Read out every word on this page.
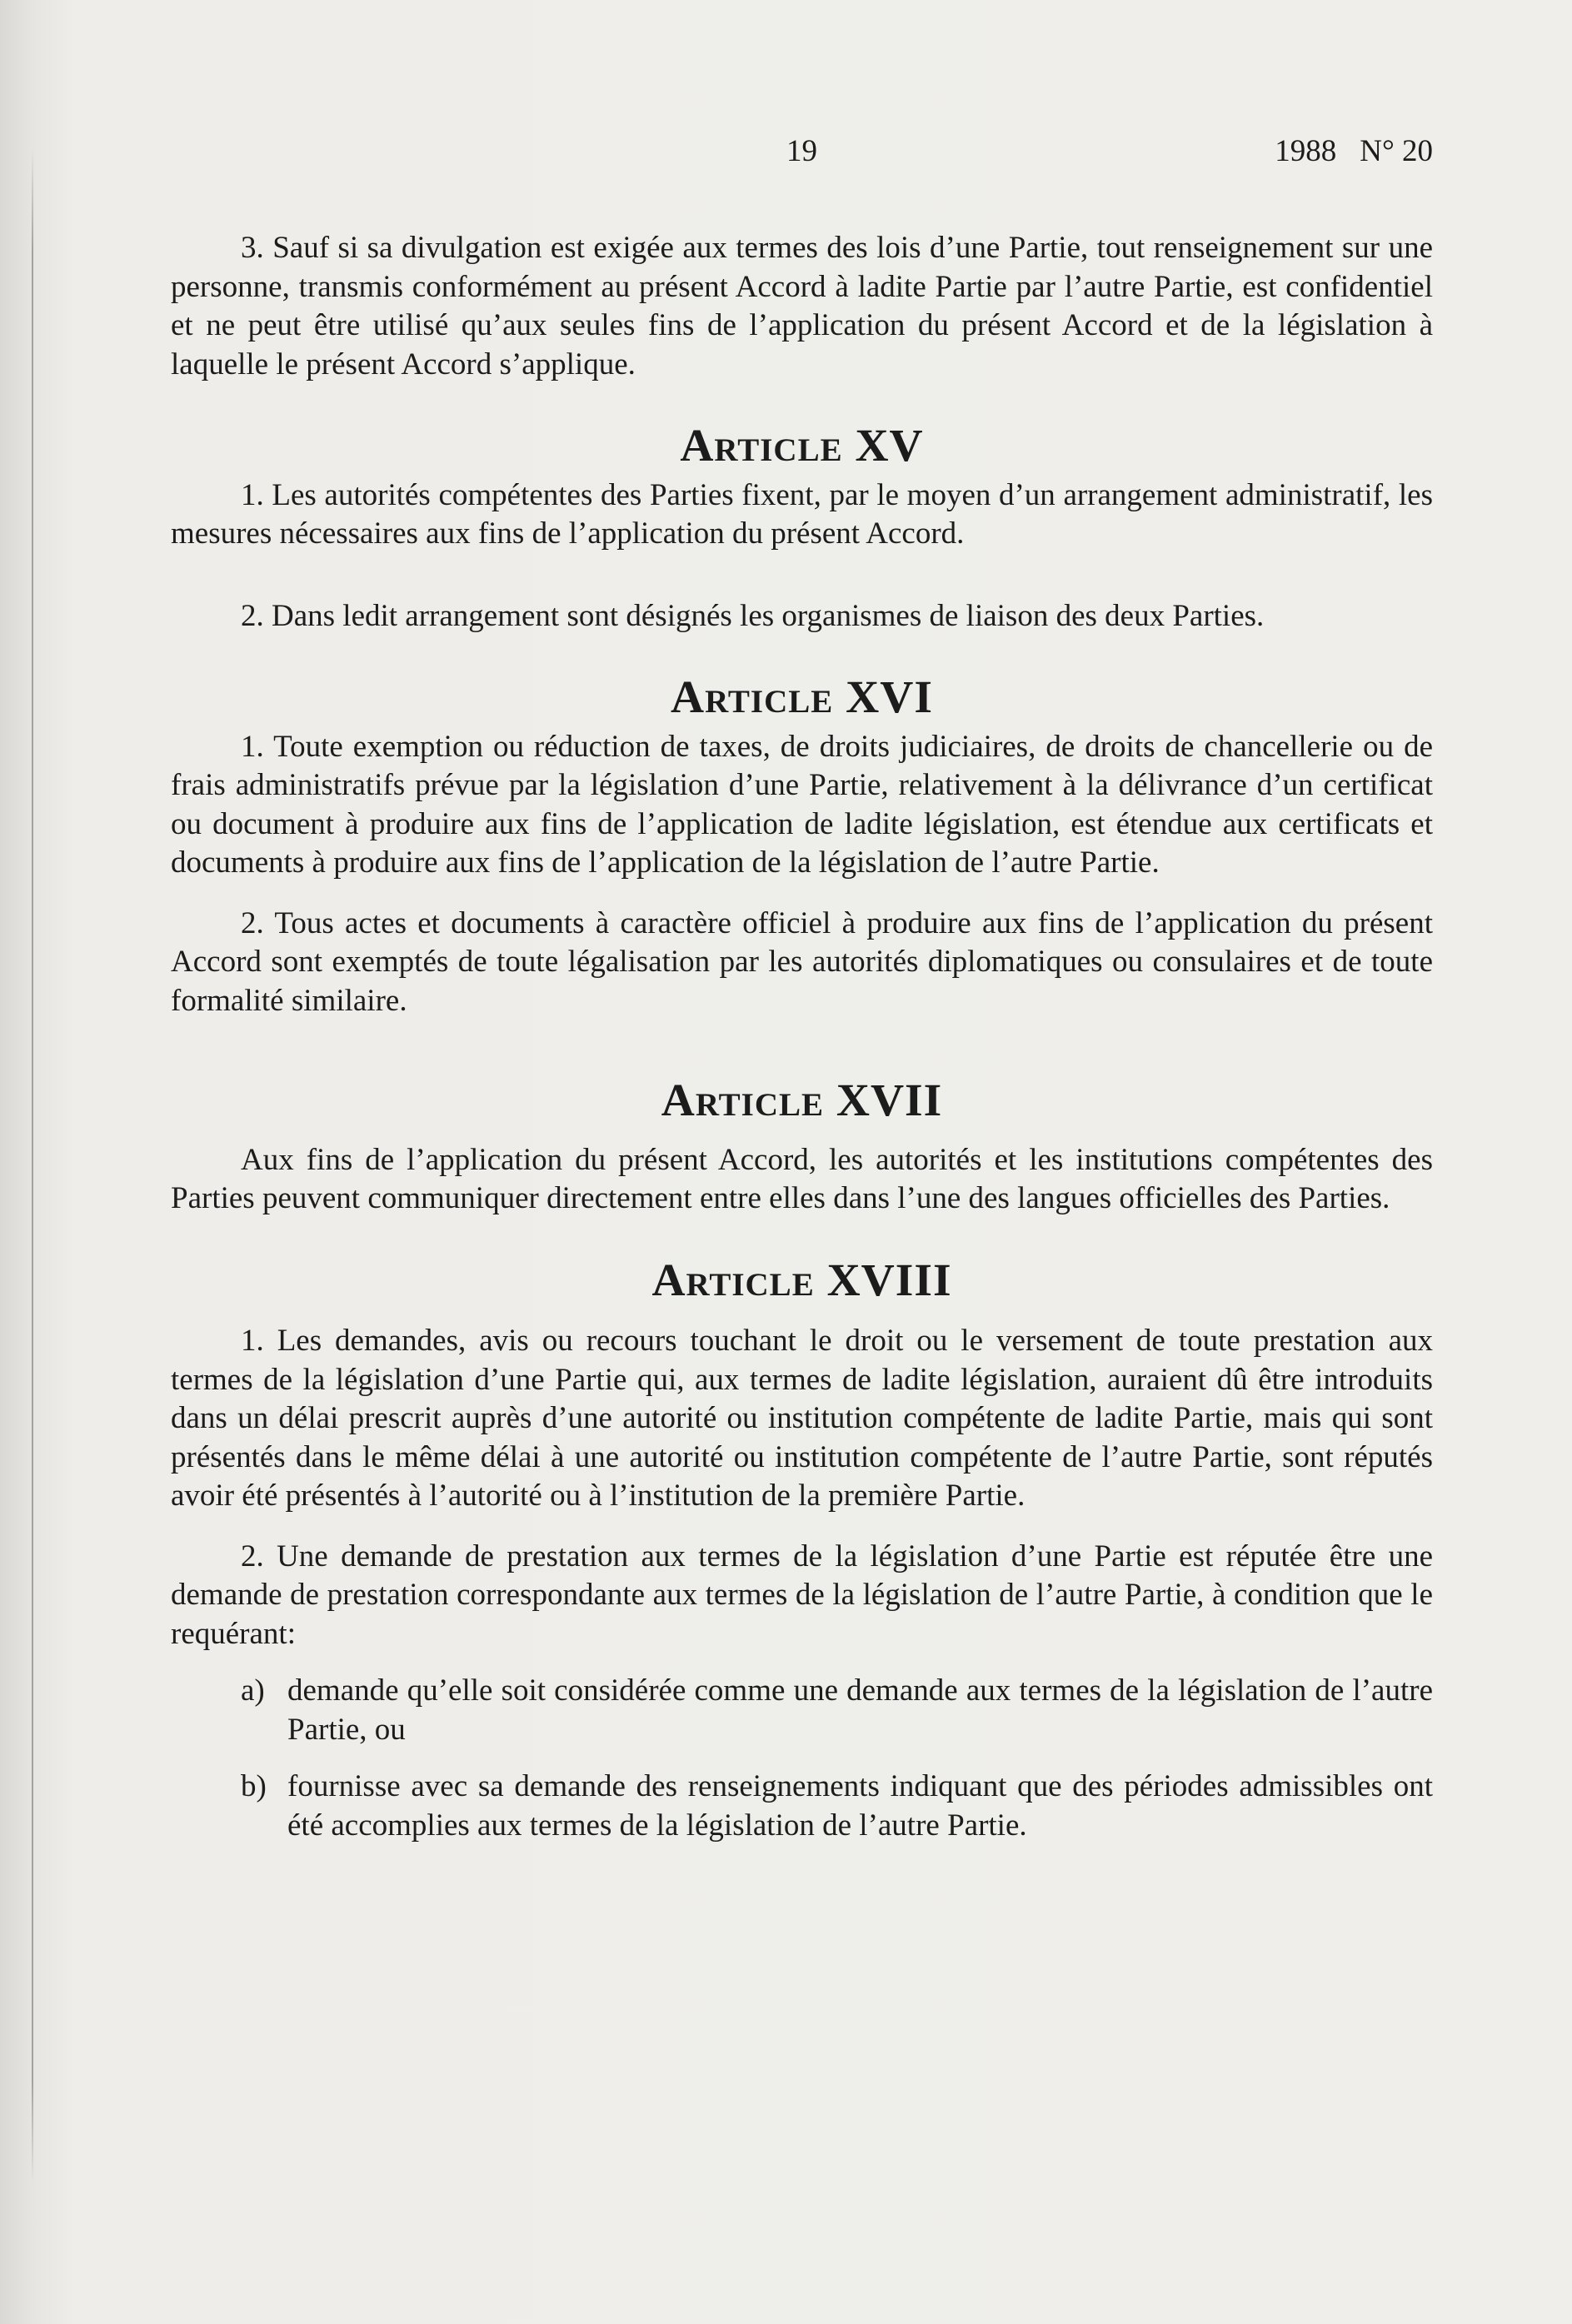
19	1988 N° 20

3. Sauf si sa divulgation est exigée aux termes des lois d’une Partie, tout renseignement sur une personne, transmis conformément au présent Accord à ladite Partie par l’autre Partie, est confidentiel et ne peut être utilisé qu’aux seules fins de l’application du présent Accord et de la législation à laquelle le présent Accord s’applique.

Article XV

1. Les autorités compétentes des Parties fixent, par le moyen d’un arrangement administratif, les mesures nécessaires aux fins de l’application du présent Accord.

2. Dans ledit arrangement sont désignés les organismes de liaison des deux Parties.

Article XVI

1. Toute exemption ou réduction de taxes, de droits judiciaires, de droits de chancellerie ou de frais administratifs prévue par la législation d’une Partie, relativement à la délivrance d’un certificat ou document à produire aux fins de l’application de ladite législation, est étendue aux certificats et documents à produire aux fins de l’application de la législation de l’autre Partie.

2. Tous actes et documents à caractère officiel à produire aux fins de l’application du présent Accord sont exemptés de toute légalisation par les autorités diplomatiques ou consulaires et de toute formalité similaire.

Article XVII

Aux fins de l’application du présent Accord, les autorités et les institutions compétentes des Parties peuvent communiquer directement entre elles dans l’une des langues officielles des Parties.

Article XVIII

1. Les demandes, avis ou recours touchant le droit ou le versement de toute prestation aux termes de la législation d’une Partie qui, aux termes de ladite législation, auraient dû être introduits dans un délai prescrit auprès d’une autorité ou institution compétente de ladite Partie, mais qui sont présentés dans le même délai à une autorité ou institution compétente de l’autre Partie, sont réputés avoir été présentés à l’autorité ou à l’institution de la première Partie.

2. Une demande de prestation aux termes de la législation d’une Partie est réputée être une demande de prestation correspondante aux termes de la législation de l’autre Partie, à condition que le requérant:

a) demande qu’elle soit considérée comme une demande aux termes de la législation de l’autre Partie, ou

b) fournisse avec sa demande des renseignements indiquant que des périodes admissibles ont été accomplies aux termes de la législation de l’autre Partie.
